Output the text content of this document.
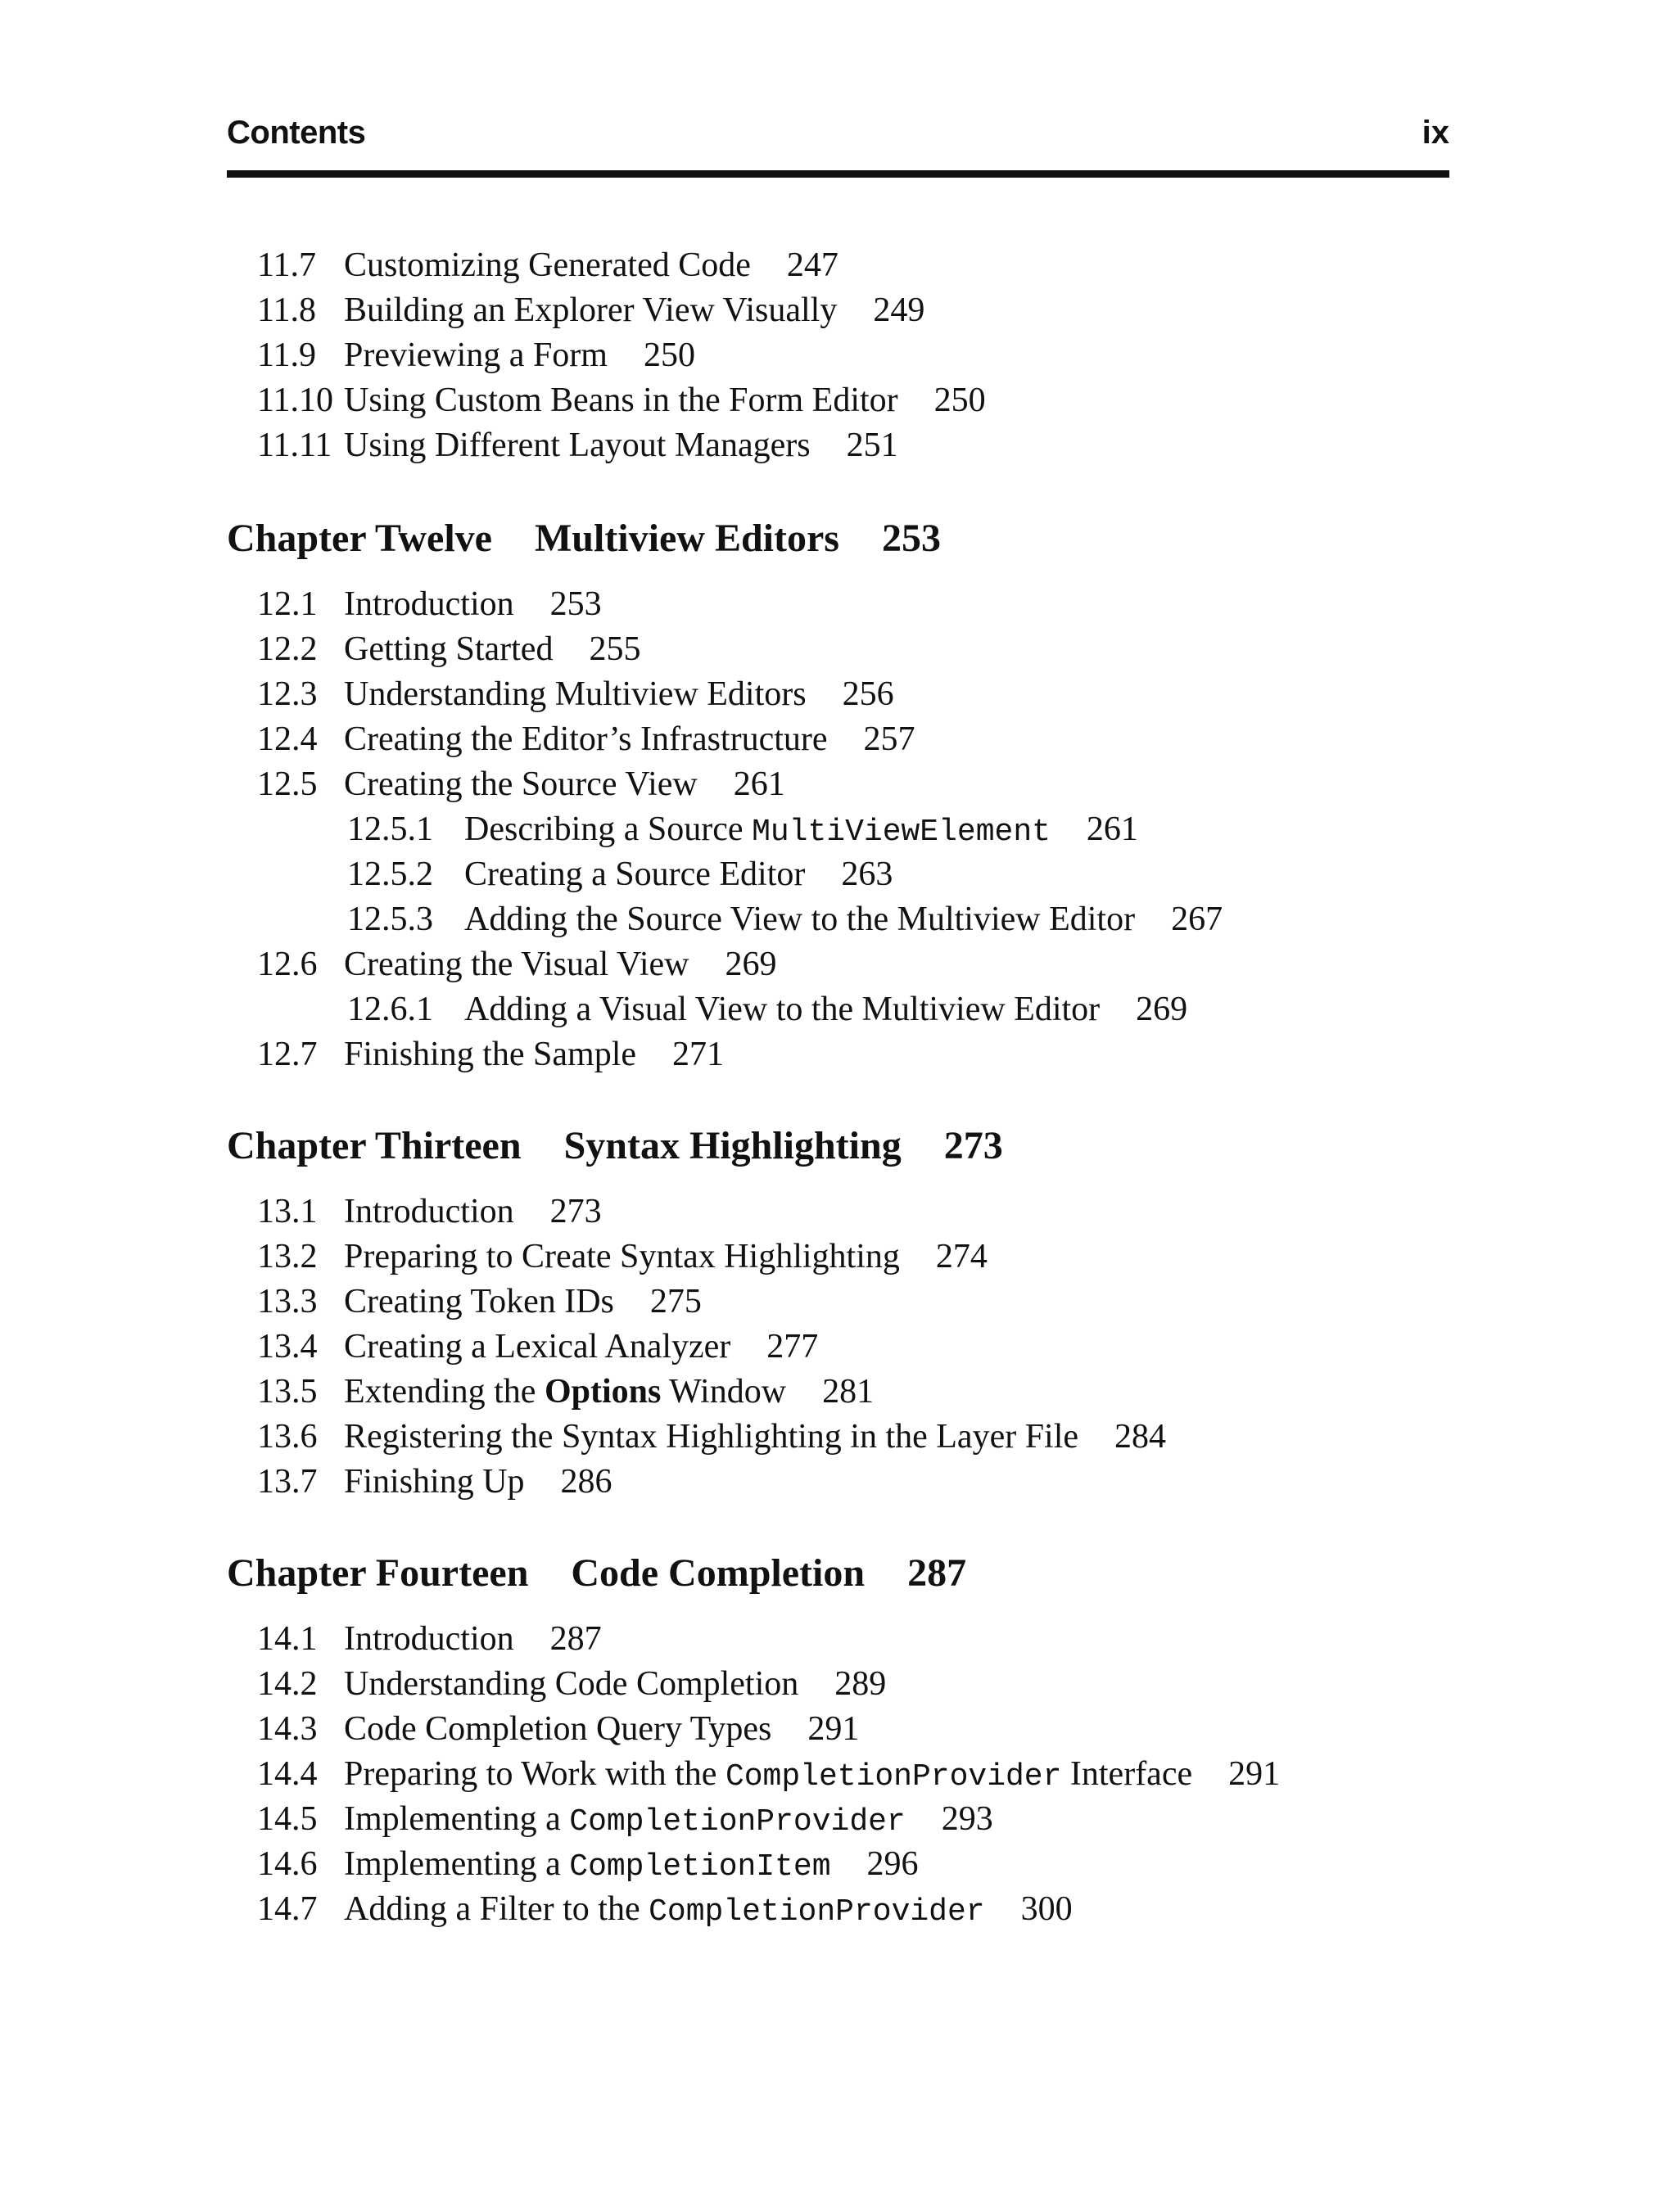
Contents	ix
11.7 Customizing Generated Code 247
11.8 Building an Explorer View Visually 249
11.9 Previewing a Form 250
11.10 Using Custom Beans in the Form Editor 250
11.11 Using Different Layout Managers 251
Chapter Twelve Multiview Editors 253
12.1 Introduction 253
12.2 Getting Started 255
12.3 Understanding Multiview Editors 256
12.4 Creating the Editor’s Infrastructure 257
12.5 Creating the Source View 261
12.5.1 Describing a Source MultiViewElement 261
12.5.2 Creating a Source Editor 263
12.5.3 Adding the Source View to the Multiview Editor 267
12.6 Creating the Visual View 269
12.6.1 Adding a Visual View to the Multiview Editor 269
12.7 Finishing the Sample 271
Chapter Thirteen Syntax Highlighting 273
13.1 Introduction 273
13.2 Preparing to Create Syntax Highlighting 274
13.3 Creating Token IDs 275
13.4 Creating a Lexical Analyzer 277
13.5 Extending the Options Window 281
13.6 Registering the Syntax Highlighting in the Layer File 284
13.7 Finishing Up 286
Chapter Fourteen Code Completion 287
14.1 Introduction 287
14.2 Understanding Code Completion 289
14.3 Code Completion Query Types 291
14.4 Preparing to Work with the CompletionProvider Interface 291
14.5 Implementing a CompletionProvider 293
14.6 Implementing a CompletionItem 296
14.7 Adding a Filter to the CompletionProvider 300
